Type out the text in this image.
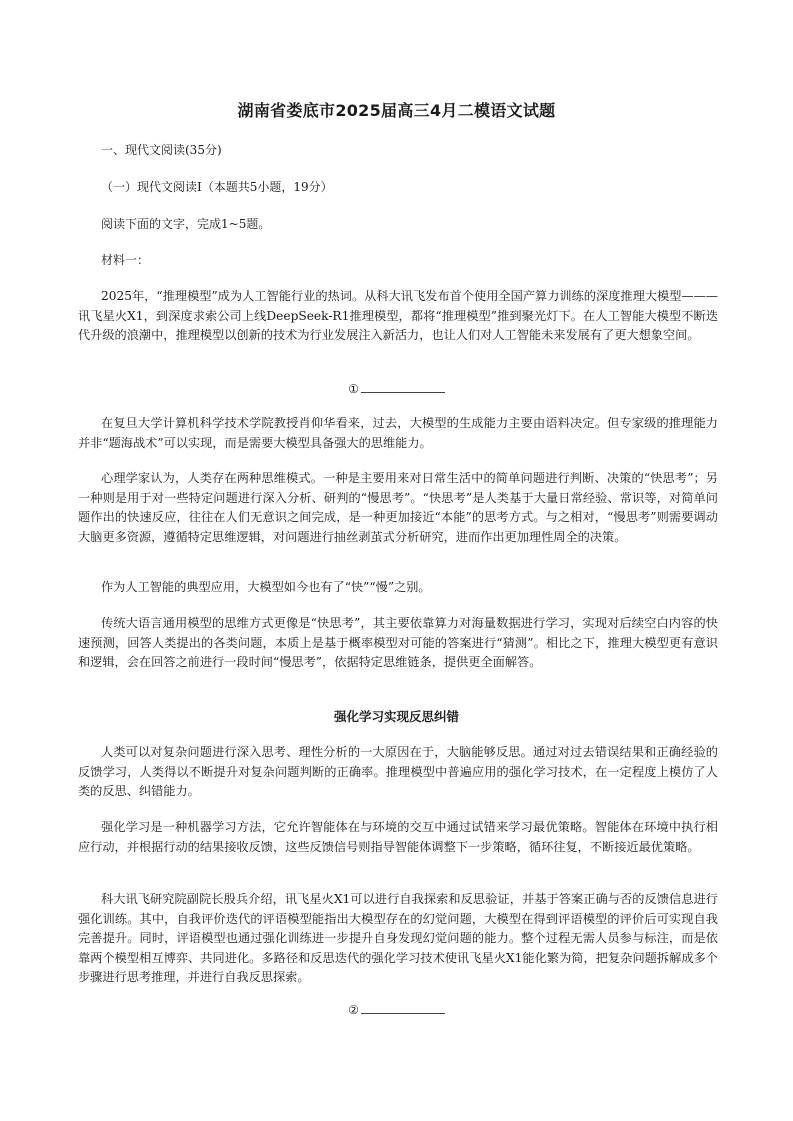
湖南省娄底市2025届高三4月二模语文试题
一、现代文阅读(35分)
（一）现代文阅读Ⅰ（本题共5小题，19分）
阅读下面的文字，完成1~5题。
材料一：
2025年，“推理模型”成为人工智能行业的热词。从科大讯飞发布首个使用全国产算力训练的深度推理大模型———讯飞星火X1，到深度求索公司上线DeepSeek-R1推理模型，都将“推理模型”推到聚光灯下。在人工智能大模型不断迭代升级的浪潮中，推理模型以创新的技术为行业发展注入新活力，也让人们对人工智能未来发展有了更大想象空间。
①
在复旦大学计算机科学技术学院教授肖仰华看来，过去，大模型的生成能力主要由语料决定。但专家级的推理能力并非“题海战术”可以实现，而是需要大模型具备强大的思维能力。
心理学家认为，人类存在两种思维模式。一种是主要用来对日常生活中的简单问题进行判断、决策的“快思考”；另一种则是用于对一些特定问题进行深入分析、研判的“慢思考”。“快思考”是人类基于大量日常经验、常识等，对简单问题作出的快速反应，往往在人们无意识之间完成，是一种更加接近“本能”的思考方式。与之相对，“慢思考”则需要调动大脑更多资源，遵循特定思维逻辑，对问题进行抽丝剥茧式分析研究，进而作出更加理性周全的决策。
作为人工智能的典型应用，大模型如今也有了“快”“慢”之别。
传统大语言通用模型的思维方式更像是“快思考”，其主要依靠算力对海量数据进行学习，实现对后续空白内容的快速预测，回答人类提出的各类问题，本质上是基于概率模型对可能的答案进行“猜测”。相比之下，推理大模型更有意识和逻辑，会在回答之前进行一段时间“慢思考”，依据特定思维链条，提供更全面解答。
强化学习实现反思纠错
人类可以对复杂问题进行深入思考、理性分析的一大原因在于，大脑能够反思。通过对过去错误结果和正确经验的反馈学习，人类得以不断提升对复杂问题判断的正确率。推理模型中普遍应用的强化学习技术，在一定程度上模仿了人类的反思、纠错能力。
强化学习是一种机器学习方法，它允许智能体在与环境的交互中通过试错来学习最优策略。智能体在环境中执行相应行动，并根据行动的结果接收反馈，这些反馈信号则指导智能体调整下一步策略，循环往复，不断接近最优策略。
科大讯飞研究院副院长殷兵介绍，讯飞星火X1可以进行自我探索和反思验证，并基于答案正确与否的反馈信息进行强化训练。其中，自我评价迭代的评语模型能指出大模型存在的幻觉问题，大模型在得到评语模型的评价后可实现自我完善提升。同时，评语模型也通过强化训练进一步提升自身发现幻觉问题的能力。整个过程无需人员参与标注，而是依靠两个模型相互博弈、共同进化。多路径和反思迭代的强化学习技术使讯飞星火X1能化繁为简，把复杂问题拆解成多个步骤进行思考推理，并进行自我反思探索。
②
